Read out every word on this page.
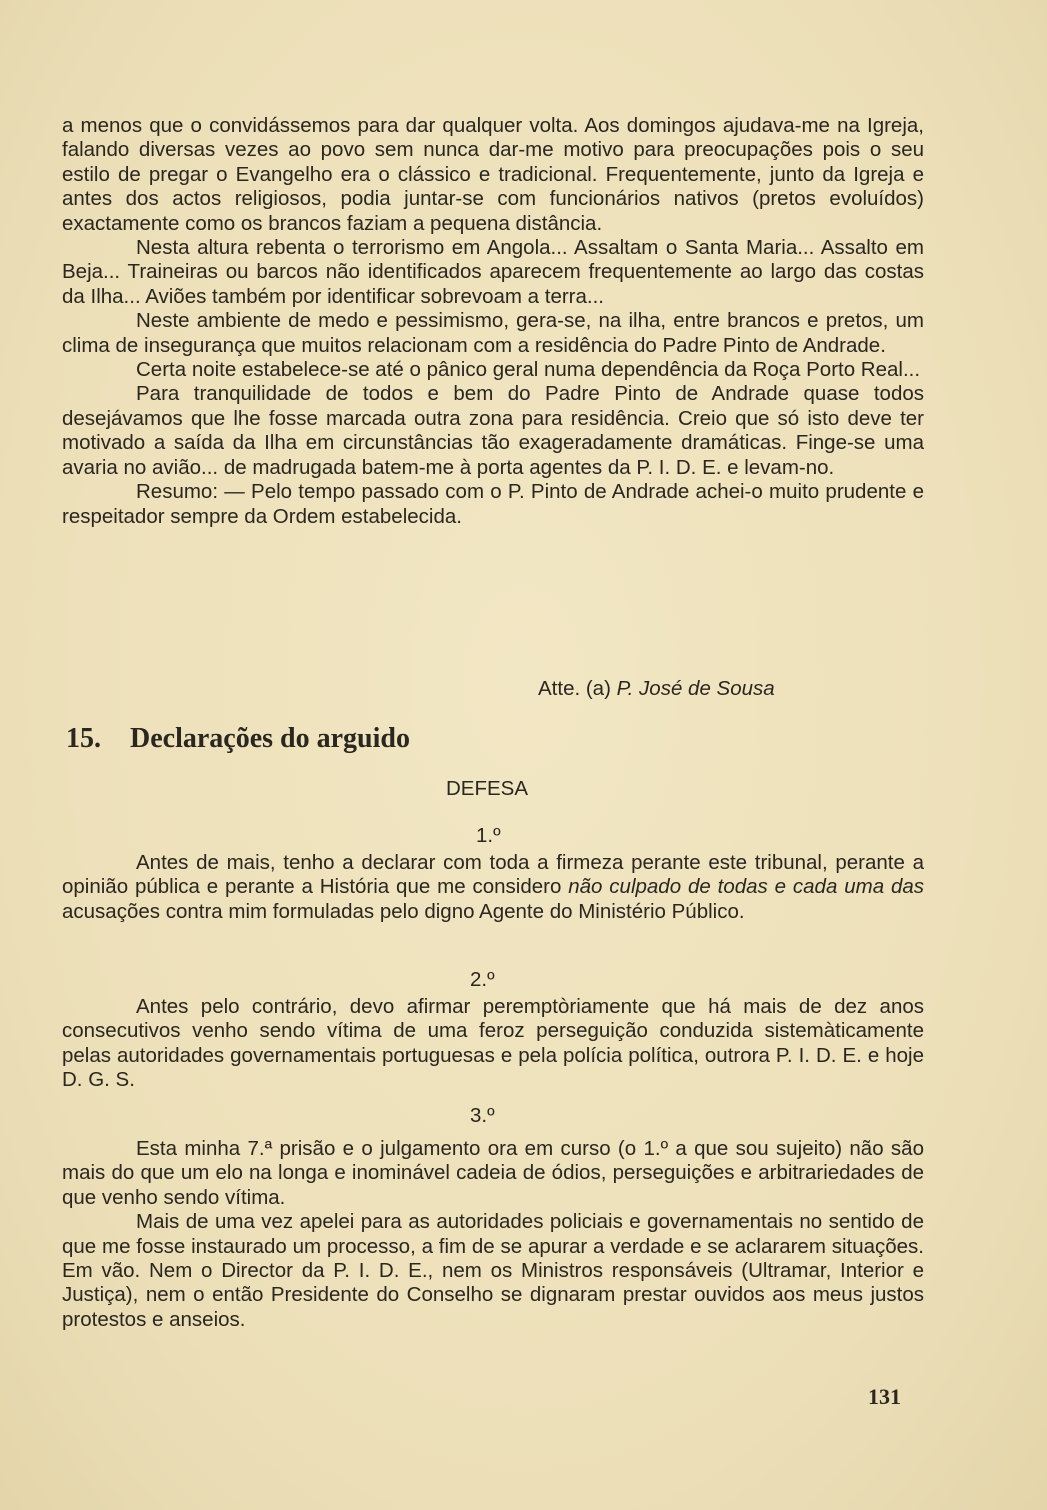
a menos que o convidássemos para dar qualquer volta. Aos domingos ajudava-me na Igreja, falando diversas vezes ao povo sem nunca dar-me motivo para preocupações pois o seu estilo de pregar o Evangelho era o clássico e tradicional. Frequentemente, junto da Igreja e antes dos actos religiosos, podia juntar-se com funcionários nativos (pretos evoluídos) exactamente como os brancos faziam a pequena distância.

Nesta altura rebenta o terrorismo em Angola... Assaltam o Santa Maria... Assalto em Beja... Traineiras ou barcos não identificados aparecem frequentemente ao largo das costas da Ilha... Aviões também por identificar sobrevoam a terra...

Neste ambiente de medo e pessimismo, gera-se, na ilha, entre brancos e pretos, um clima de insegurança que muitos relacionam com a residência do Padre Pinto de Andrade.

Certa noite estabelece-se até o pânico geral numa dependência da Roça Porto Real...

Para tranquilidade de todos e bem do Padre Pinto de Andrade quase todos desejávamos que lhe fosse marcada outra zona para residência. Creio que só isto deve ter motivado a saída da Ilha em circunstâncias tão exageradamente dramáticas. Finge-se uma avaria no avião... de madrugada batem-me à porta agentes da P. I. D. E. e levam-no.

Resumo: — Pelo tempo passado com o P. Pinto de Andrade achei-o muito prudente e respeitador sempre da Ordem estabelecida.

Atte. (a) P. José de Sousa
15. Declarações do arguido
DEFESA
1.º

Antes de mais, tenho a declarar com toda a firmeza perante este tribunal, perante a opinião pública e perante a História que me considero não culpado de todas e cada uma das acusações contra mim formuladas pelo digno Agente do Ministério Público.

2.º

Antes pelo contrário, devo afirmar peremptòriamente que há mais de dez anos consecutivos venho sendo vítima de uma feroz perseguição conduzida sistemàticamente pelas autoridades governamentais portuguesas e pela polícia política, outrora P. I. D. E. e hoje D. G. S.

3.º

Esta minha 7.ª prisão e o julgamento ora em curso (o 1.º a que sou sujeito) não são mais do que um elo na longa e inominável cadeia de ódios, perseguições e arbitrariedades de que venho sendo vítima.

Mais de uma vez apelei para as autoridades policiais e governamentais no sentido de que me fosse instaurado um processo, a fim de se apurar a verdade e se aclararem situações. Em vão. Nem o Director da P. I. D. E., nem os Ministros responsáveis (Ultramar, Interior e Justiça), nem o então Presidente do Conselho se dignaram prestar ouvidos aos meus justos protestos e anseios.

131
